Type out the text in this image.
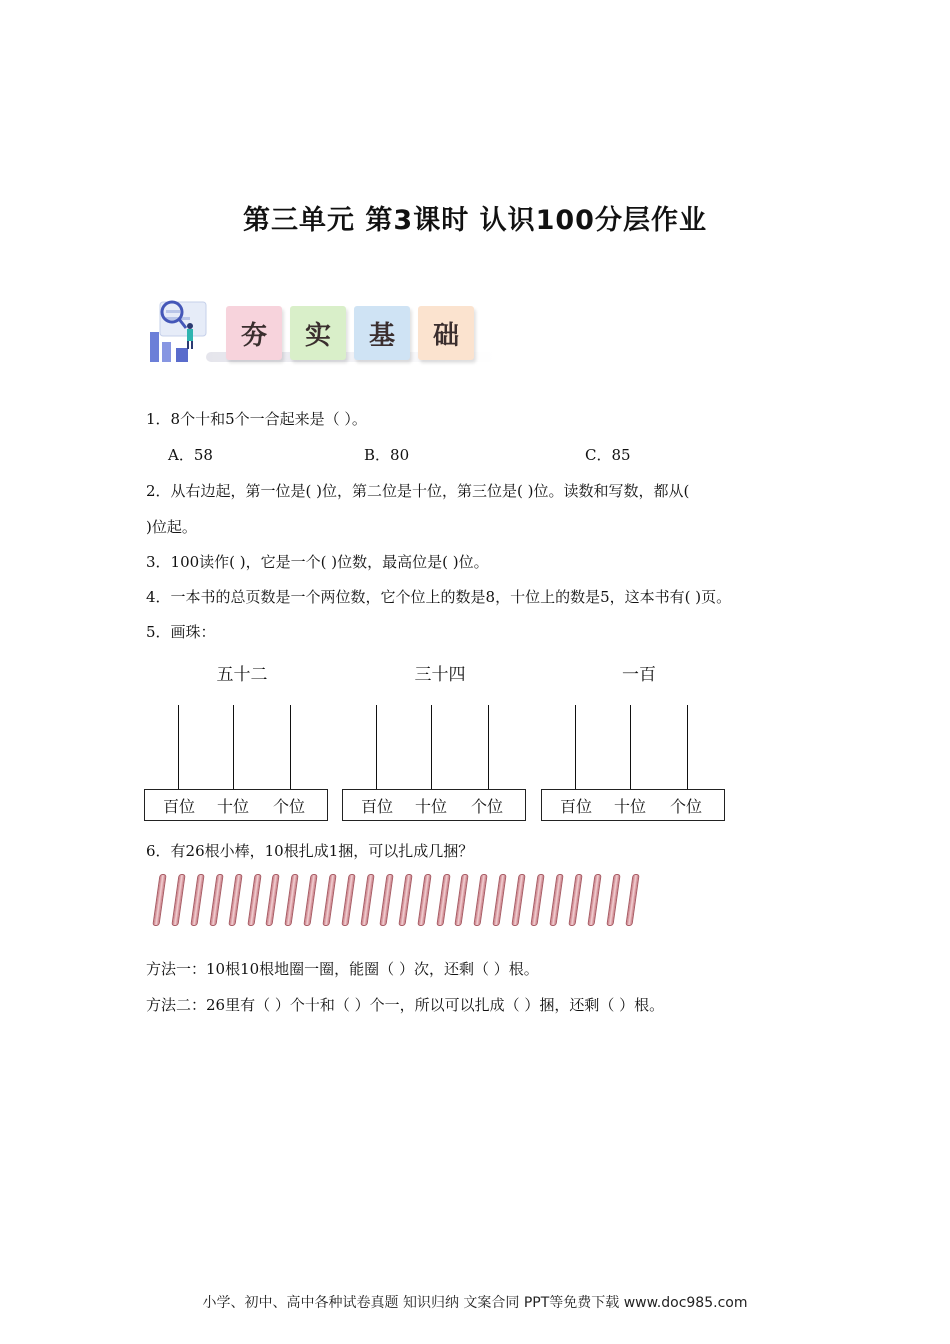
第三单元 第3课时 认识100分层作业
夯	实	基	础
1．8个十和5个一合起来是（ ）。
A．58	B．80	C．85
2．从右边起，第一位是( )位，第二位是十位，第三位是( )位。读数和写数，都从(
)位起。
3．100读作( )，它是一个( )位数，最高位是( )位。
4．一本书的总页数是一个两位数，它个位上的数是8，十位上的数是5，这本书有( )页。
5．画珠：
五十二
百位 十位 个位
三十四
百位 十位 个位
一百
百位 十位 个位
6．有26根小棒，10根扎成1捆，可以扎成几捆？
方法一：10根10根地圈一圈，能圈（ ）次，还剩（ ）根。
方法二：26里有（ ）个十和（ ）个一，所以可以扎成（ ）捆，还剩（ ）根。
小学、初中、高中各种试卷真题 知识归纳 文案合同 PPT等免费下载 www.doc985.com
